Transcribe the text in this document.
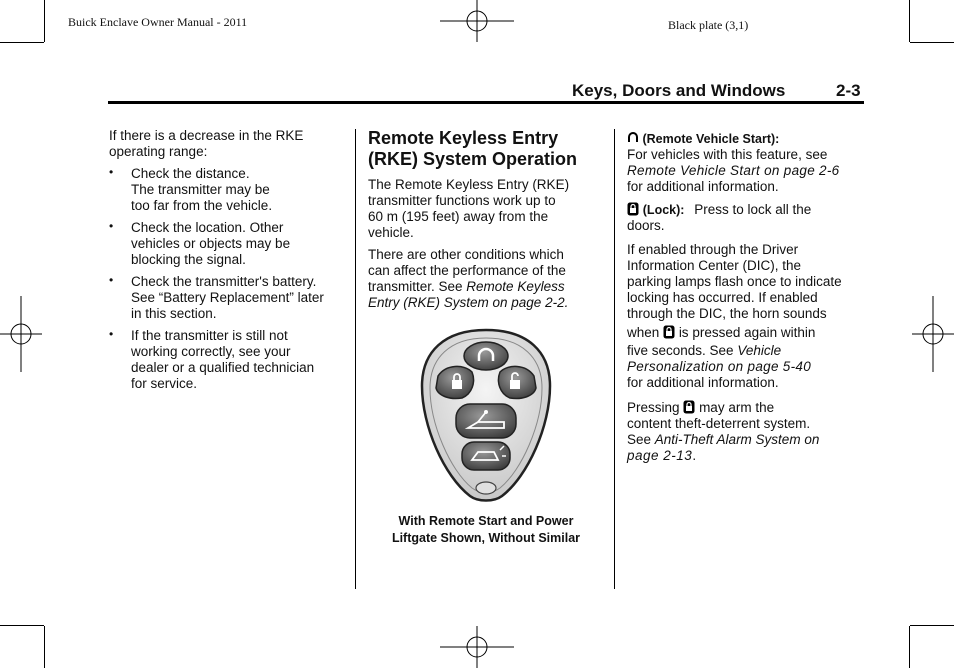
Buick Enclave Owner Manual - 2011	Black plate (3,1)
Keys, Doors and Windows	2-3

If there is a decrease in the RKE operating range:

• Check the distance.
The transmitter may be
too far from the vehicle.
• Check the location. Other
vehicles or objects may be
blocking the signal.
• Check the transmitter's battery.
See “Battery Replacement” later
in this section.
• If the transmitter is still not
working correctly, see your
dealer or a qualified technician
for service.
Remote Keyless Entry
(RKE) System Operation

The Remote Keyless Entry (RKE)
transmitter functions work up to
60 m (195 feet) away from the
vehicle.

There are other conditions which
can affect the performance of the
transmitter. See Remote Keyless
Entry (RKE) System on page 2-2.

With Remote Start and Power
Liftgate Shown, Without Similar
(Remote Vehicle Start):
For vehicles with this feature, see
Remote Vehicle Start on page 2-6
for additional information.
(Lock): Press to lock all the
doors.
If enabled through the Driver
Information Center (DIC), the
parking lamps flash once to indicate
locking has occurred. If enabled
through the DIC, the horn sounds
when is pressed again within
five seconds. See Vehicle
Personalization on page 5-40
for additional information.
Pressing may arm the
content theft-deterrent system.
See Anti-Theft Alarm System on
page 2-13.
